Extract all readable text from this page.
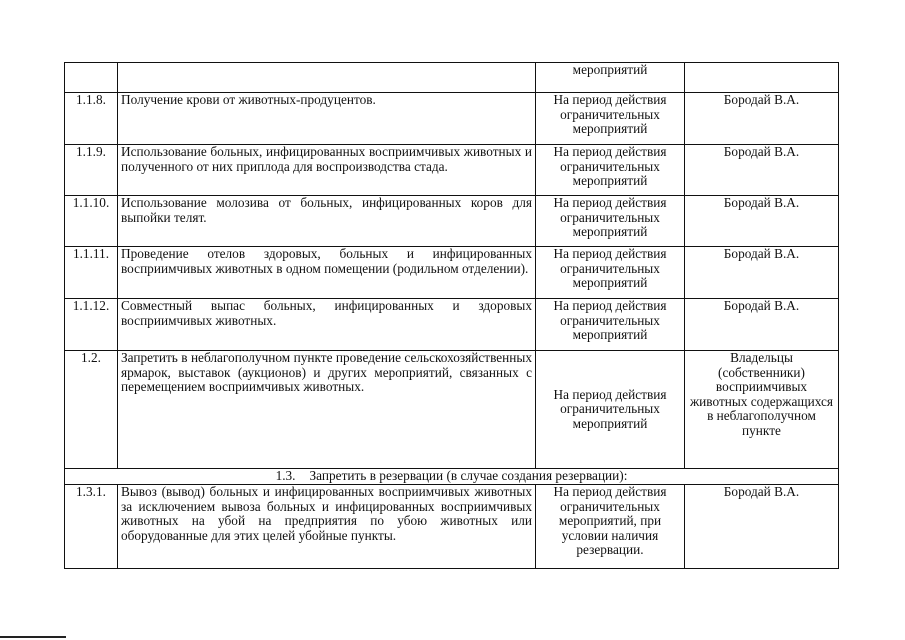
		мероприятий	
1.1.8.	Получение крови от животных-продуцентов.	На период действия ограничительных мероприятий	Бородай В.А.
1.1.9.	Использование больных, инфицированных восприимчивых животных и полученного от них приплода для воспроизводства стада.	На период действия ограничительных мероприятий	Бородай В.А.
1.1.10.	Использование молозива от больных, инфицированных коров для выпойки телят.	На период действия ограничительных мероприятий	Бородай В.А.
1.1.11.	Проведение отелов здоровых, больных и инфицированных восприимчивых животных в одном помещении (родильном отделении).	На период действия ограничительных мероприятий	Бородай В.А.
1.1.12.	Совместный выпас больных, инфицированных и здоровых восприимчивых животных.	На период действия ограничительных мероприятий	Бородай В.А.
1.2.	Запретить в неблагополучном пункте проведение сельскохозяйственных ярмарок, выставок (аукционов) и других мероприятий, связанных с перемещением восприимчивых животных.	На период действия ограничительных мероприятий	Владельцы (собственники) восприимчивых животных содержащихся в неблагополучном пункте
1.3. Запретить в резервации (в случае создания резервации):			
1.3.1.	Вывоз (вывод) больных и инфицированных восприимчивых животных за исключением вывоза больных и инфицированных восприимчивых животных на убой на предприятия по убою животных или оборудованные для этих целей убойные пункты.	На период действия ограничительных мероприятий, при условии наличия резервации.	Бородай В.А.
